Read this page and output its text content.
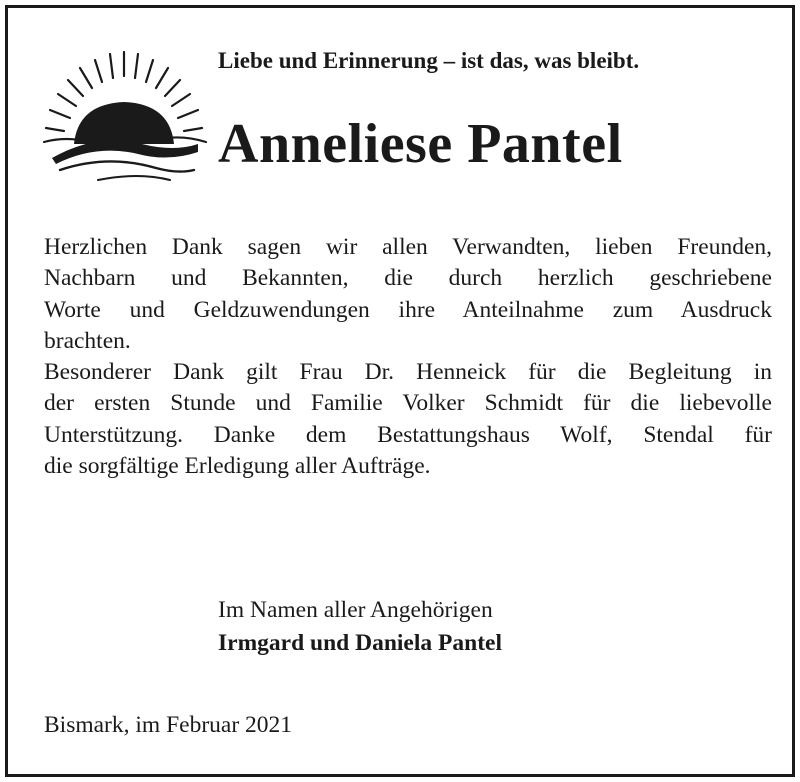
Liebe und Erinnerung – ist das, was bleibt.
Anneliese Pantel

Herzlichen Dank sagen wir allen Verwandten, lieben Freunden,
Nachbarn und Bekannten, die durch herzlich geschriebene
Worte und Geldzuwendungen ihre Anteilnahme zum Ausdruck
brachten.

Besonderer Dank gilt Frau Dr. Henneick für die Begleitung in
der ersten Stunde und Familie Volker Schmidt für die liebevolle
Unterstützung. Danke dem Bestattungshaus Wolf, Stendal für
die sorgfältige Erledigung aller Aufträge.

Im Namen aller Angehörigen
Irmgard und Daniela Pantel
Bismark, im Februar 2021
